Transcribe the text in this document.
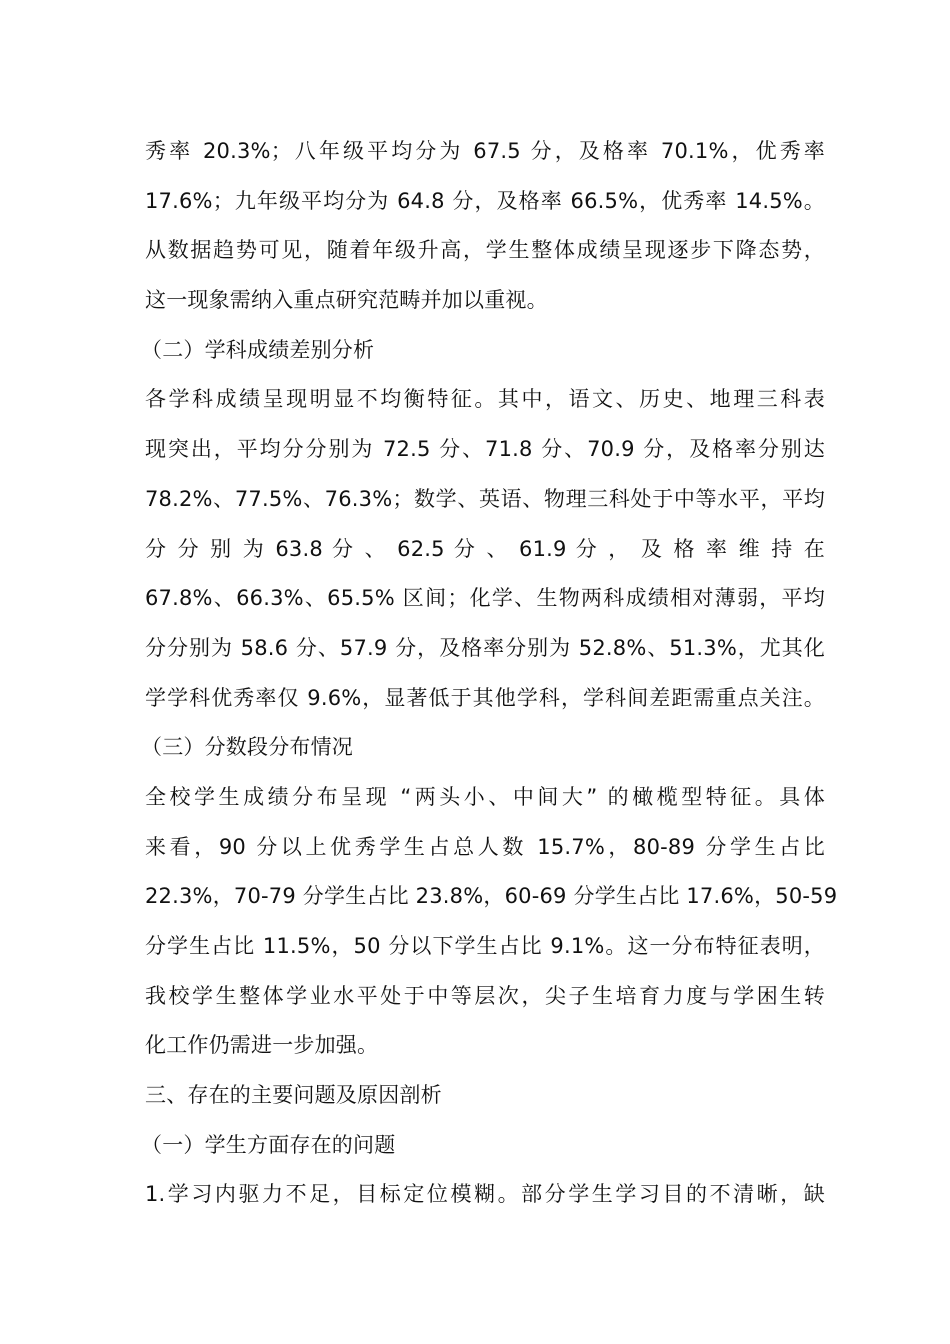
秀率 20.3%；八年级平均分为 67.5 分，及格率 70.1%，优秀率
17.6%；九年级平均分为 64.8 分，及格率 66.5%，优秀率 14.5%。
从数据趋势可见，随着年级升高，学生整体成绩呈现逐步下降态势，
这一现象需纳入重点研究范畴并加以重视。
（二）学科成绩差别分析
各学科成绩呈现明显不均衡特征。其中，语文、历史、地理三科表
现突出，平均分分别为 72.5 分、71.8 分、70.9 分，及格率分别达
78.2%、77.5%、76.3%；数学、英语、物理三科处于中等水平，平均
分 分 别 为 63.8 分 、 62.5 分 、 61.9 分 ， 及 格 率 维 持 在
67.8%、66.3%、65.5% 区间；化学、生物两科成绩相对薄弱，平均
分分别为 58.6 分、57.9 分，及格率分别为 52.8%、51.3%，尤其化
学学科优秀率仅 9.6%，显著低于其他学科，学科间差距需重点关注。
（三）分数段分布情况
全校学生成绩分布呈现 “两头小、中间大” 的橄榄型特征。具体
来看，90 分以上优秀学生占总人数 15.7%，80-89 分学生占比
22.3%，70-79 分学生占比 23.8%，60-69 分学生占比 17.6%，50-59
分学生占比 11.5%，50 分以下学生占比 9.1%。这一分布特征表明，
我校学生整体学业水平处于中等层次，尖子生培育力度与学困生转
化工作仍需进一步加强。
三、存在的主要问题及原因剖析
（一）学生方面存在的问题
1.学习内驱力不足，目标定位模糊。部分学生学习目的不清晰，缺
